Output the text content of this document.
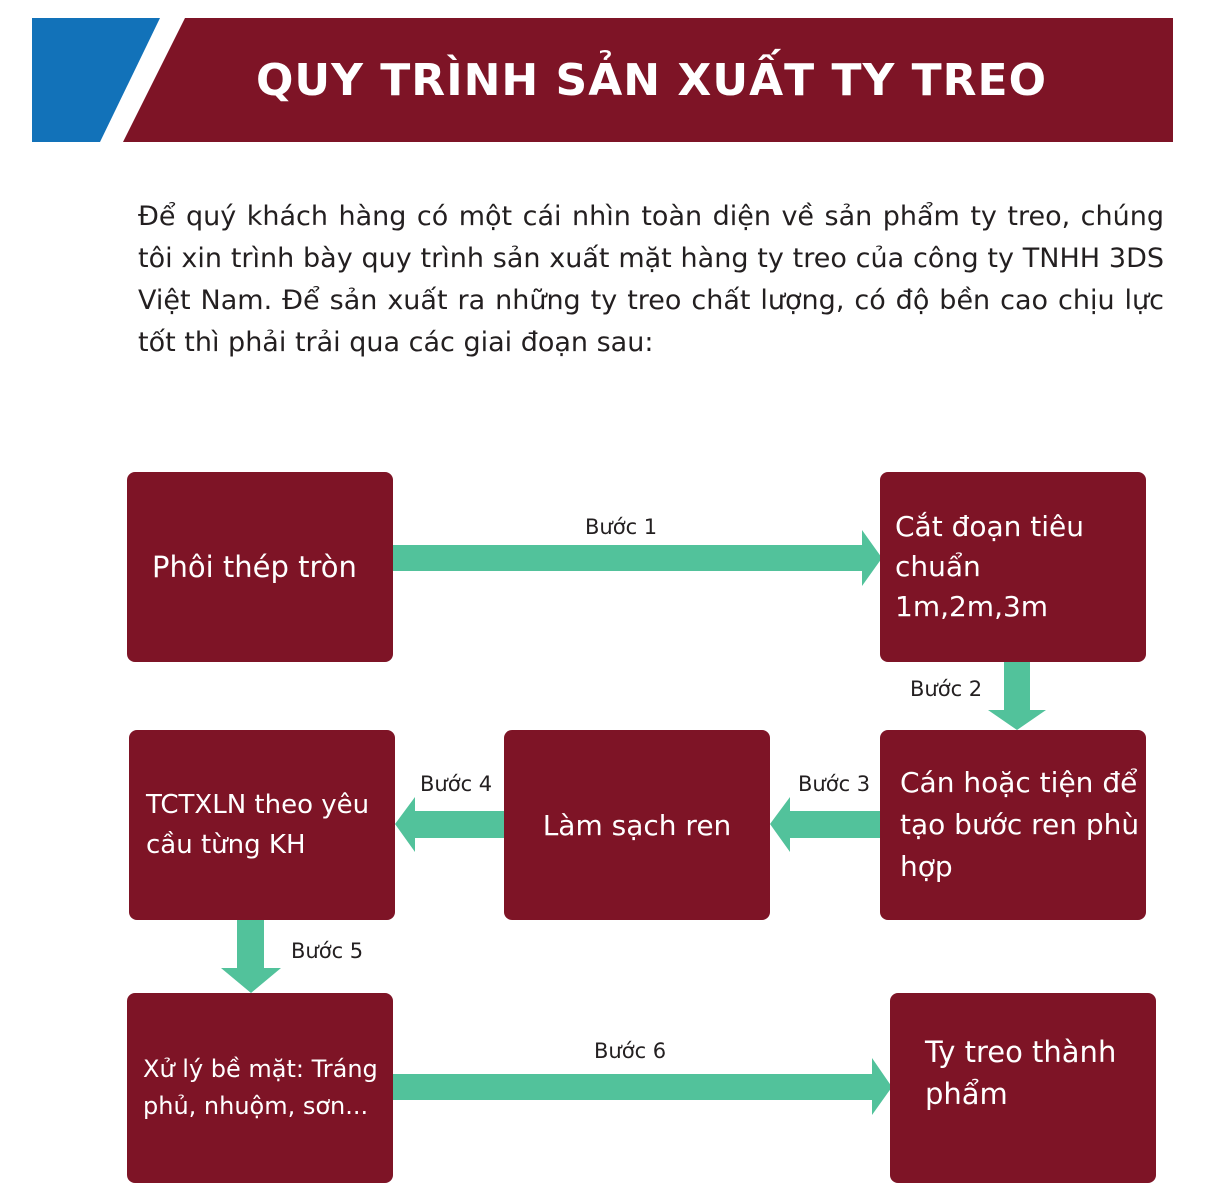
QUY TRÌNH SẢN XUẤT TY TREO
Để quý khách hàng có một cái nhìn toàn diện về sản phẩm ty treo, chúng tôi xin trình bày quy trình sản xuất mặt hàng ty treo của công ty TNHH 3DS Việt Nam. Để sản xuất ra những ty treo chất lượng, có độ bền cao chịu lực tốt thì phải trải qua các giai đoạn sau:
Phôi thép tròn
Cắt đoạn tiêu chuẩn 1m,2m,3m
Cán hoặc tiện để tạo bước ren phù hợp
Làm sạch ren
TCTXLN theo yêu cầu từng KH
Xử lý bề mặt: Tráng phủ, nhuộm, sơn...
Ty treo thành phẩm
Bước 1
Bước 2
Bước 3
Bước 4
Bước 5
Bước 6
